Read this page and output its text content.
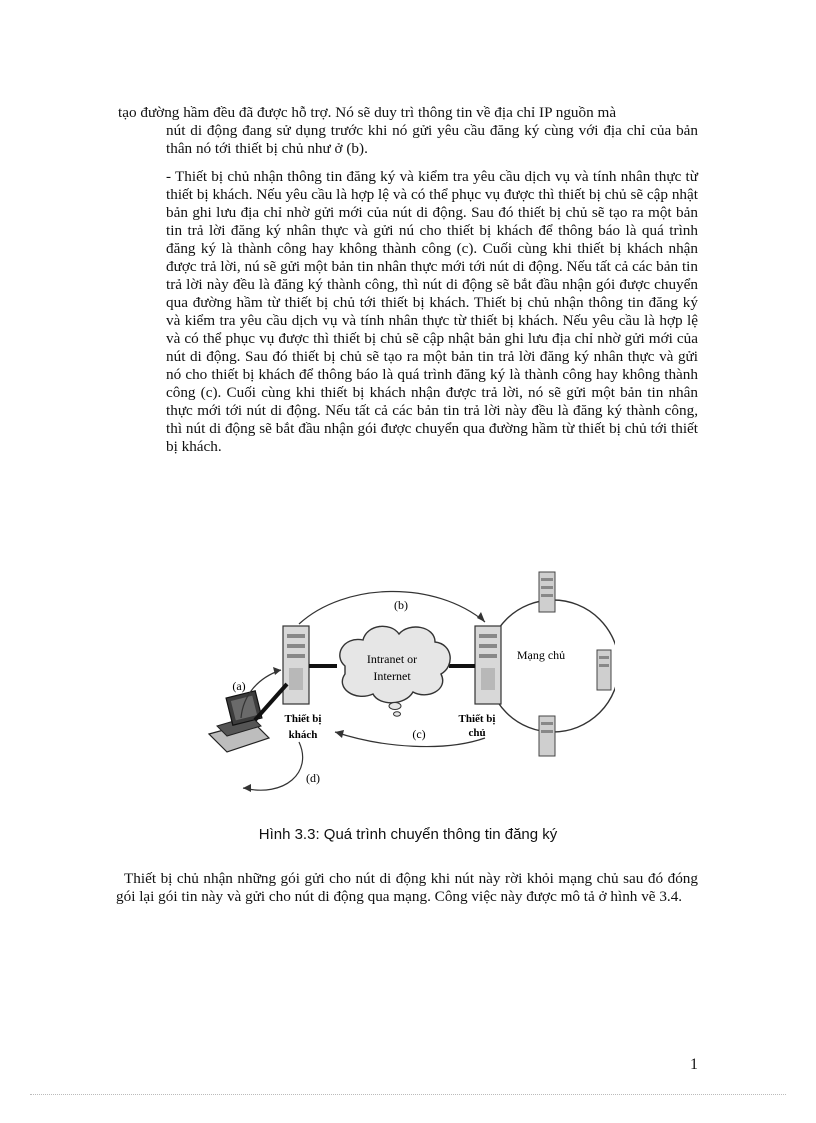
tạo đường hầm đều đã được hỗ trợ. Nó sẽ duy trì thông tin về địa chỉ IP nguồn mà

nút di động đang sử dụng trước khi nó gửi yêu cầu đăng ký cùng với địa chỉ của bản thân nó tới thiết bị chủ như ở (b).

- Thiết bị chủ nhận thông tin đăng ký và kiểm tra yêu cầu dịch vụ và tính nhân thực từ thiết bị khách. Nếu yêu cầu là hợp lệ và có thể phục vụ được thì thiết bị chủ sẽ cập nhật bản ghi lưu địa chỉ nhờ gửi mới của nút di động. Sau đó thiết bị chủ sẽ tạo ra một bản tin trả lời đăng ký nhân thực và gửi nú cho thiết bị khách để thông báo là quá trình đăng ký là thành công hay không thành công (c). Cuối cùng khi thiết bị khách nhận được trả lời, nú sẽ gửi một bản tin nhân thực mới tới nút di động. Nếu tất cả các bản tin trả lời này đều là đăng ký thành công, thì nút di động sẽ bắt đầu nhận gói được chuyển qua đường hầm từ thiết bị chủ tới thiết bị khách. Thiết bị chủ nhận thông tin đăng ký và kiểm tra yêu cầu dịch vụ và tính nhân thực từ thiết bị khách. Nếu yêu cầu là hợp lệ và có thể phục vụ được thì thiết bị chủ sẽ cập nhật bản ghi lưu địa chỉ nhờ gửi mới của nút di động. Sau đó thiết bị chủ sẽ tạo ra một bản tin trả lời đăng ký nhân thực và gửi nó cho thiết bị khách để thông báo là quá trình đăng ký là thành công hay không thành công (c). Cuối cùng khi thiết bị khách nhận được trả lời, nó sẽ gửi một bản tin nhân thực mới tới nút di động. Nếu tất cả các bản tin trả lời này đều là đăng ký thành công, thì nút di động sẽ bắt đầu nhận gói được chuyển qua đường hầm từ thiết bị chủ tới thiết bị khách.

Mạng chủ
Thiết bị
chủ
Thiết bị
khách
Intranet or
Internet
(b)
(c)
(a)
(d)
Hình 3.3: Quá trình chuyển thông tin đăng ký

Thiết bị chủ nhận những gói gửi cho nút di động khi nút này rời khỏi mạng chủ sau đó đóng gói lại gói tin này và gửi cho nút di động qua mạng. Công việc này được mô tả ở hình vẽ 3.4.

1
